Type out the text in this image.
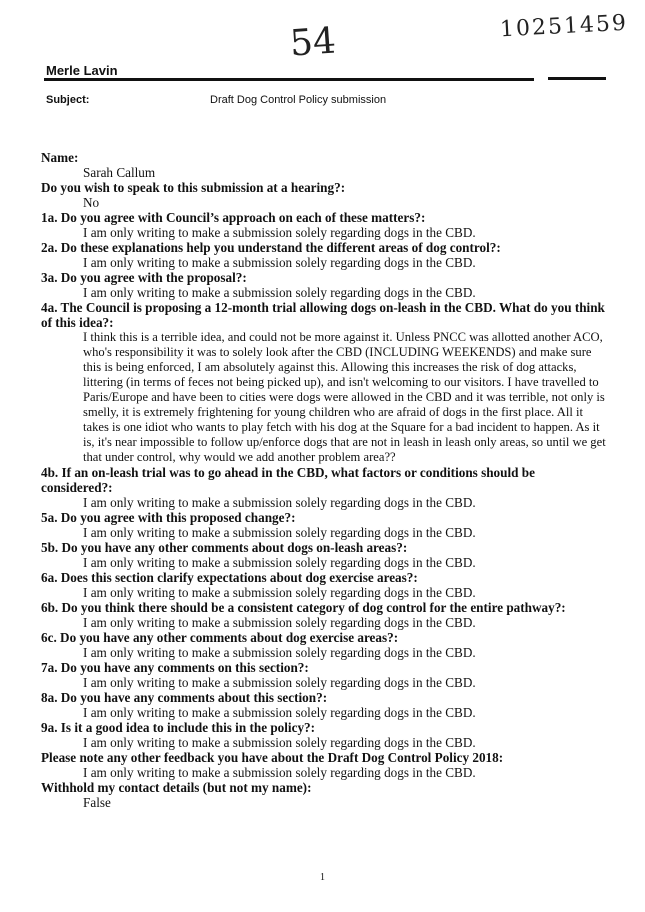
54	10251459
Merle Lavin
Subject:	Draft Dog Control Policy submission

Name:

Sarah Callum

Do you wish to speak to this submission at a hearing?:

No

1a. Do you agree with Council’s approach on each of these matters?:

I am only writing to make a submission solely regarding dogs in the CBD.

2a. Do these explanations help you understand the different areas of dog control?:

I am only writing to make a submission solely regarding dogs in the CBD.

3a. Do you agree with the proposal?:

I am only writing to make a submission solely regarding dogs in the CBD.

4a. The Council is proposing a 12-month trial allowing dogs on-leash in the CBD. What do you think of this idea?:

I think this is a terrible idea, and could not be more against it. Unless PNCC was allotted another ACO, who's responsibility it was to solely look after the CBD (INCLUDING WEEKENDS) and make sure this is being enforced, I am absolutely against this. Allowing this increases the risk of dog attacks, littering (in terms of feces not being picked up), and isn't welcoming to our visitors. I have travelled to Paris/Europe and have been to cities were dogs were allowed in the CBD and it was terrible, not only is smelly, it is extremely frightening for young children who are afraid of dogs in the first place. All it takes is one idiot who wants to play fetch with his dog at the Square for a bad incident to happen. As it is, it's near impossible to follow up/enforce dogs that are not in leash in leash only areas, so until we get that under control, why would we add another problem area??

4b. If an on-leash trial was to go ahead in the CBD, what factors or conditions should be considered?:

I am only writing to make a submission solely regarding dogs in the CBD.

5a. Do you agree with this proposed change?:

I am only writing to make a submission solely regarding dogs in the CBD.

5b. Do you have any other comments about dogs on-leash areas?:

I am only writing to make a submission solely regarding dogs in the CBD.

6a. Does this section clarify expectations about dog exercise areas?:

I am only writing to make a submission solely regarding dogs in the CBD.

6b. Do you think there should be a consistent category of dog control for the entire pathway?:

I am only writing to make a submission solely regarding dogs in the CBD.

6c. Do you have any other comments about dog exercise areas?:

I am only writing to make a submission solely regarding dogs in the CBD.

7a. Do you have any comments on this section?:

I am only writing to make a submission solely regarding dogs in the CBD.

8a. Do you have any comments about this section?:

I am only writing to make a submission solely regarding dogs in the CBD.

9a. Is it a good idea to include this in the policy?:

I am only writing to make a submission solely regarding dogs in the CBD.

Please note any other feedback you have about the Draft Dog Control Policy 2018:

I am only writing to make a submission solely regarding dogs in the CBD.

Withhold my contact details (but not my name):

False

1
